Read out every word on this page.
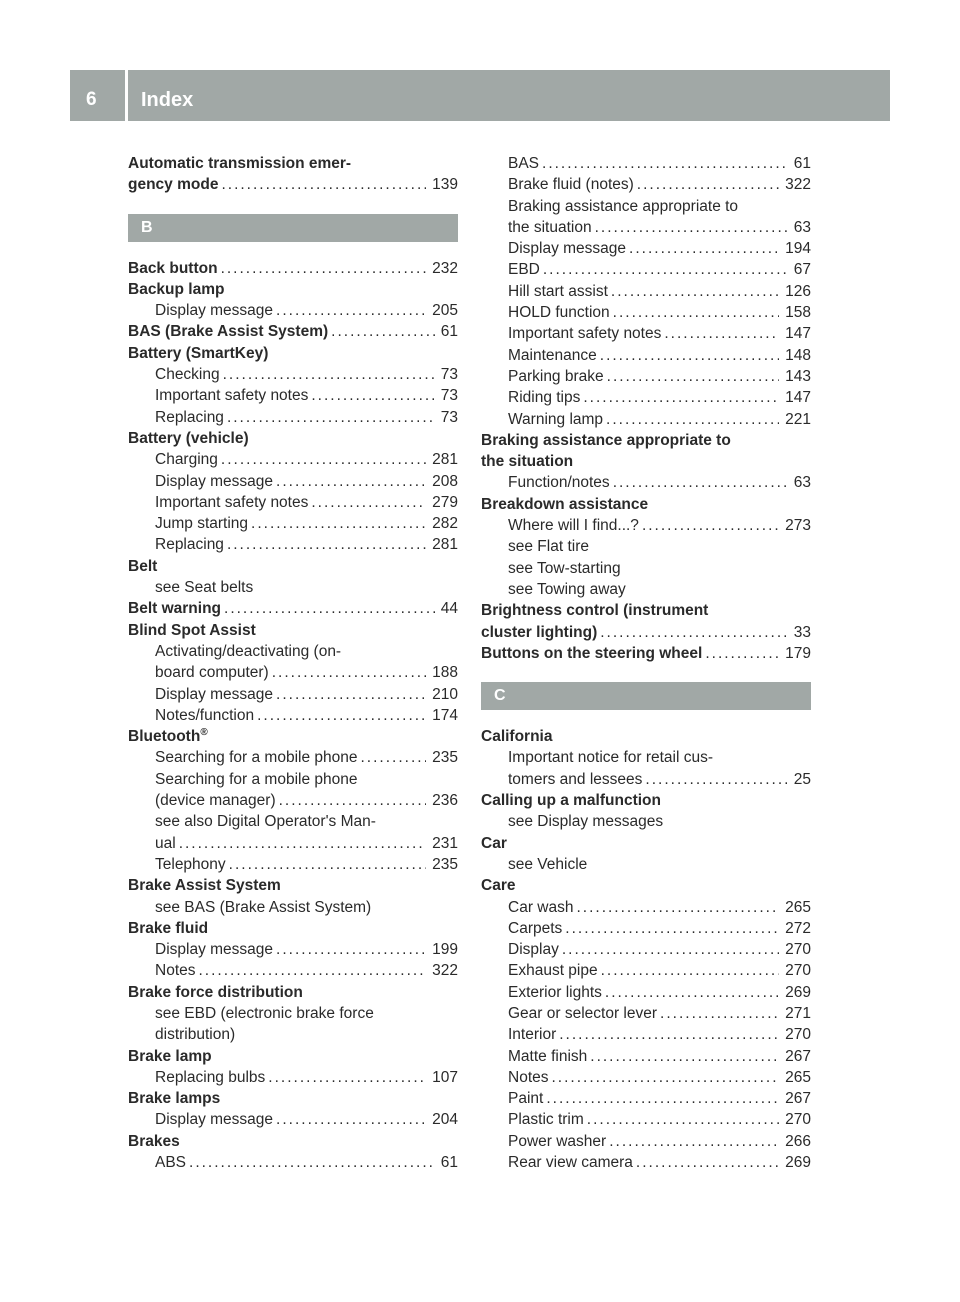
6	Index
Automatic transmission emer-
gency mode .....	139
B
Back button .....	232
Backup lamp
Display message .....	205
BAS (Brake Assist System) .....	61
Battery (SmartKey)
Checking .....	73
Important safety notes .....	73
Replacing .....	73
Battery (vehicle)
Charging .....	281
Display message .....	208
Important safety notes .....	279
Jump starting .....	282
Replacing .....	281
Belt
see Seat belts
Belt warning .....	44
Blind Spot Assist
Activating/deactivating (on-
board computer) .....	188
Display message .....	210
Notes/function .....	174
Bluetooth®
Searching for a mobile phone .....	235
Searching for a mobile phone
(device manager) .....	236
see also Digital Operator's Man-
ual .....	231
Telephony .....	235
Brake Assist System
see BAS (Brake Assist System)
Brake fluid
Display message .....	199
Notes .....	322
Brake force distribution
see EBD (electronic brake force
distribution)
Brake lamp
Replacing bulbs .....	107
Brake lamps
Display message .....	204
Brakes
ABS .....	61
BAS .....	61
Brake fluid (notes) .....	322
Braking assistance appropriate to
the situation .....	63
Display message .....	194
EBD .....	67
Hill start assist .....	126
HOLD function .....	158
Important safety notes .....	147
Maintenance .....	148
Parking brake .....	143
Riding tips .....	147
Warning lamp .....	221
Braking assistance appropriate to
the situation
Function/notes .....	63
Breakdown assistance
Where will I find...? .....	273
see Flat tire
see Tow-starting
see Towing away
Brightness control (instrument
cluster lighting) .....	33
Buttons on the steering wheel .....	179
C
California
Important notice for retail cus-
tomers and lessees .....	25
Calling up a malfunction
see Display messages
Car
see Vehicle
Care
Car wash .....	265
Carpets .....	272
Display .....	270
Exhaust pipe .....	270
Exterior lights .....	269
Gear or selector lever .....	271
Interior .....	270
Matte finish .....	267
Notes .....	265
Paint .....	267
Plastic trim .....	270
Power washer .....	266
Rear view camera .....	269
